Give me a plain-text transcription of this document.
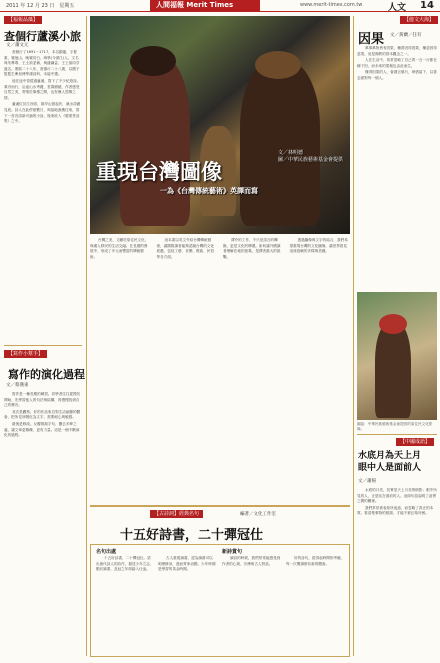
2011 年 12 月 23 日　星期五	人間福報 Merit Times	www.merit-times.com.tw	人文 14
【福報品藻】
查個行蘆溪小旅
文／蕭文元

查個行了1691～1717，本名錦龍，字夏重，號他山，晚號初白，海寧(今浙江)人。文名與朱彝尊、王士禎並稱，與錢謙益、王士禎同享盛名。康熙二十八年，查慎行二十八歲，以國子監監生參加博學鴻詞科，未能中選。

他在途中曾經過蘆溪，寫下了不少紀遊詩。乘舟而行，沿途山水秀麗，雲霧繚繞，作者感受自然之美，寄情於筆墨之間，也有懷人思鄉之情。

蘆溪位於江西省，兩岸山巒起伏，溪水清澈見底。詩人在此停留數日，與當地漁樵往來，寫下一首首清新可誦的小詩，後來收入《敬業堂詩集》之中。

【寫作小幫手】
寫作的演化過程
文／蔡漢東

寫作是一種長期的練習。初學者往往從模仿開始，先學習他人的句法與結構，再慢慢找到自己的聲音。

其次是觀察。好的作品來自對生活細節的體會，把所見所聞化為文字，需要耐心與敏感。

最後是修改。反覆推敲字句，刪去多餘之處，讓文章更精練、更有力量。這是一個不斷演化的過程。

重現台灣圖像
一為《台灣傳統藝術》英譯而寫
文／林明德
圖／中華民族藝術基金會提供

台灣之美，又顯於原住民文化，與漢人移民的生活交融。在長期的發展中，形成了多元而豐富的傳統藝術。

這本書以英文介紹台灣傳統藝術，讓國際讀者能夠認識台灣的文化底蘊，包括工藝、音樂、戲曲、民俗等各方面。

譯介的工作，不只是語言的轉換，更是文化的傳遞。如何讓外國讀者理解在地的意義，是譯者最大的挑戰。

透過圖像與文字的結合，我們希望重現台灣的文化圖像，讓世界看見這座島嶼的多樣與美麗。

【古詩詞】經典名句	編著／文化工作室
十五好詩書，二十彈冠仕
名句出處

十五好詩書，二十彈冠仕。語出唐代詩人的詩作，描述少年立志，勤於讀書，及冠之年即踏入仕途。

古人重視讀書，認為讀書可以明理修身，進而齊家治國。少年時期是學習的黃金時期。

新詩賞句

讀詩的時候，我們常常能感受到作者的心境，彷彿與古人對話。

好的詩句，經得起時間的考驗，每一次閱讀都有新的體會。

【億文大海】
因果 文／黃蘭／任有

萬事萬物皆有因果，種善因得善果，種惡因得惡果。這是佛教的基本觀念之一。

人在生活中，常常忽略了自己的一言一行都在種下因，而未來的果報也由此而生。

懂得因果的人，會謹言慎行，珍惜當下，以善念面對每一個人。

圖說：中華民族藝術基金會提供的原住民文化影像。
【中國成語】
水底月為天上月
眼中人是面前人
文／蕭揚

水底的月亮，其實是天上月亮的倒影；眼中所見的人，正是站在面前的人。這兩句話說明了虛實之間的關係。

我們常常被表象所迷惑，而忽略了真正的本質。看清楚事物的根源，才能不被幻象所困。
